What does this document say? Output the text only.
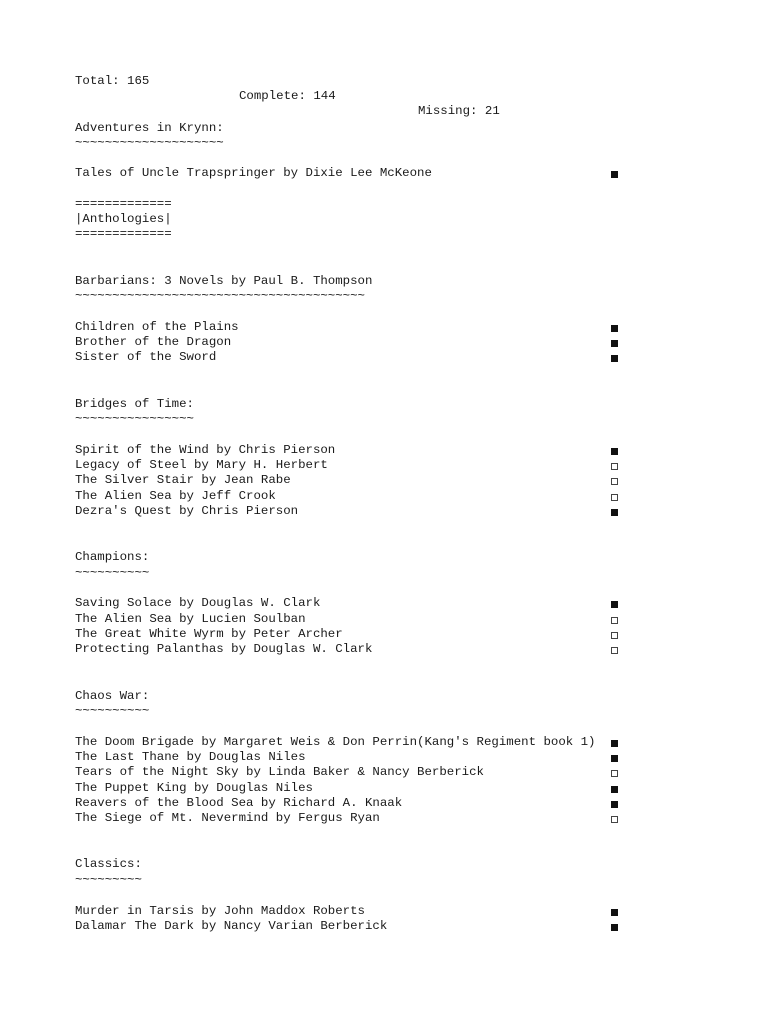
Total: 165

Complete: 144

Missing: 21

Adventures in Krynn:
~~~~~~~~~~~~~~~~~~~~
Tales of Uncle Trapspringer by Dixie Lee McKeone
=============
|Anthologies|
=============
Barbarians: 3 Novels by Paul B. Thompson
~~~~~~~~~~~~~~~~~~~~~~~~~~~~~~~~~~~~~~~
Children of the Plains
Brother of the Dragon
Sister of the Sword
Bridges of Time:
~~~~~~~~~~~~~~~~
Spirit of the Wind by Chris Pierson
Legacy of Steel by Mary H. Herbert
The Silver Stair by Jean Rabe
The Alien Sea by Jeff Crook
Dezra's Quest by Chris Pierson
Champions:
~~~~~~~~~~
Saving Solace by Douglas W. Clark
The Alien Sea by Lucien Soulban
The Great White Wyrm by Peter Archer
Protecting Palanthas by Douglas W. Clark
Chaos War:
~~~~~~~~~~
The Doom Brigade by Margaret Weis & Don Perrin(Kang's Regiment book 1)
The Last Thane by Douglas Niles
Tears of the Night Sky by Linda Baker & Nancy Berberick
The Puppet King by Douglas Niles
Reavers of the Blood Sea by Richard A. Knaak
The Siege of Mt. Nevermind by Fergus Ryan
Classics:
~~~~~~~~~
Murder in Tarsis by John Maddox Roberts
Dalamar The Dark by Nancy Varian Berberick
